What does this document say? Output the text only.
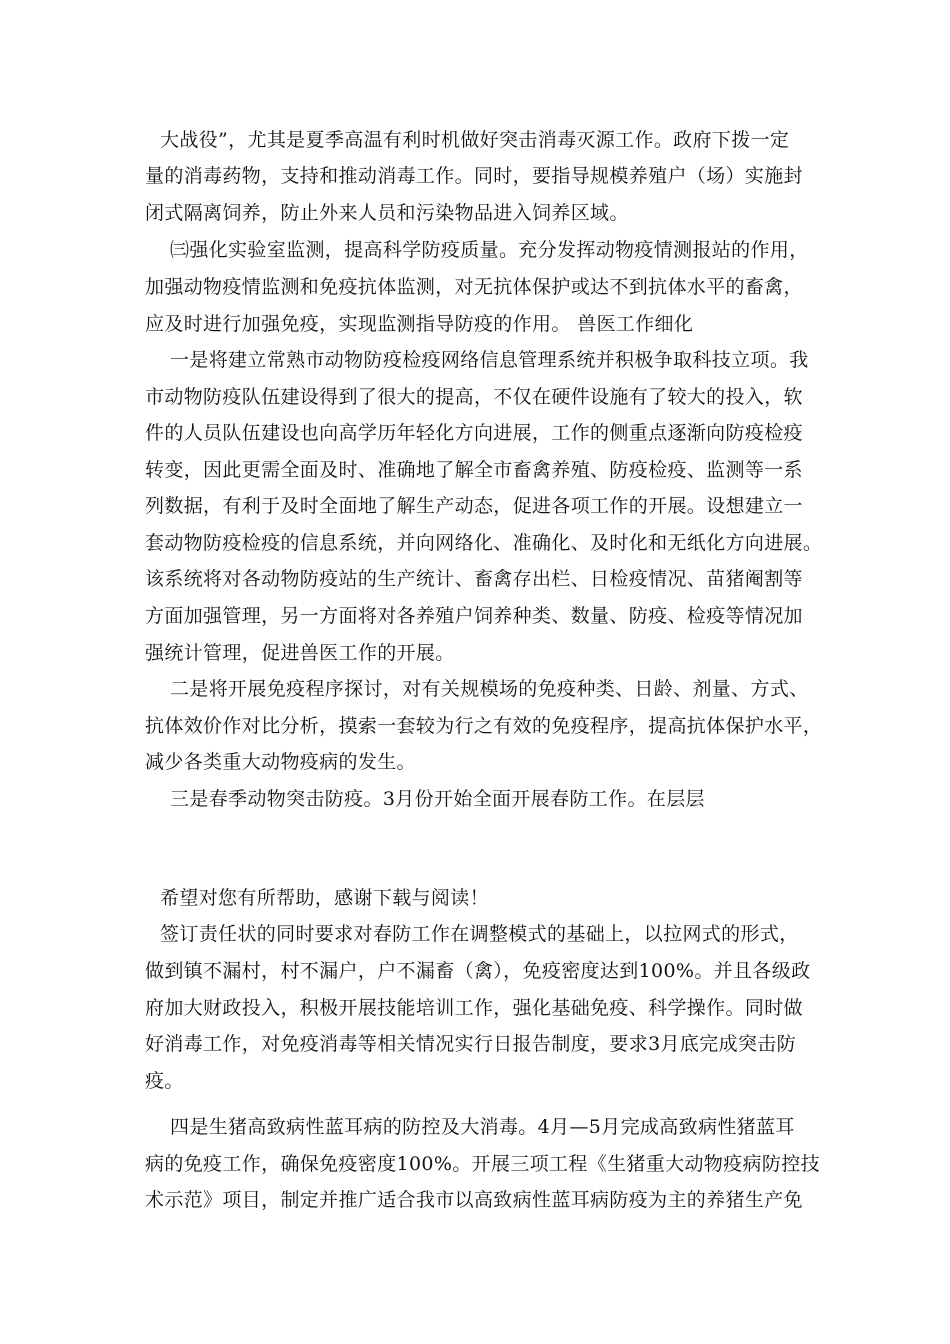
大战役”，尤其是夏季高温有利时机做好突击消毒灭源工作。政府下拨一定
量的消毒药物，支持和推动消毒工作。同时，要指导规模养殖户（场）实施封
闭式隔离饲养，防止外来人员和污染物品进入饲养区域。
㈢强化实验室监测，提高科学防疫质量。充分发挥动物疫情测报站的作用，
加强动物疫情监测和免疫抗体监测，对无抗体保护或达不到抗体水平的畜禽，
应及时进行加强免疫，实现监测指导防疫的作用。 兽医工作细化
一是将建立常熟市动物防疫检疫网络信息管理系统并积极争取科技立项。我
市动物防疫队伍建设得到了很大的提高，不仅在硬件设施有了较大的投入，软
件的人员队伍建设也向高学历年轻化方向进展，工作的侧重点逐渐向防疫检疫
转变，因此更需全面及时、准确地了解全市畜禽养殖、防疫检疫、监测等一系
列数据，有利于及时全面地了解生产动态，促进各项工作的开展。设想建立一
套动物防疫检疫的信息系统，并向网络化、准确化、及时化和无纸化方向进展。
该系统将对各动物防疫站的生产统计、畜禽存出栏、日检疫情况、苗猪阉割等
方面加强管理，另一方面将对各养殖户饲养种类、数量、防疫、检疫等情况加
强统计管理，促进兽医工作的开展。
二是将开展免疫程序探讨，对有关规模场的免疫种类、日龄、剂量、方式、
抗体效价作对比分析，摸索一套较为行之有效的免疫程序，提高抗体保护水平，
减少各类重大动物疫病的发生。
三是春季动物突击防疫。3月份开始全面开展春防工作。在层层
希望对您有所帮助，感谢下载与阅读！
签订责任状的同时要求对春防工作在调整模式的基础上，以拉网式的形式，
做到镇不漏村，村不漏户，户不漏畜（禽），免疫密度达到100%。并且各级政
府加大财政投入，积极开展技能培训工作，强化基础免疫、科学操作。同时做
好消毒工作，对免疫消毒等相关情况实行日报告制度，要求3月底完成突击防
疫。
四是生猪高致病性蓝耳病的防控及大消毒。4月—5月完成高致病性猪蓝耳
病的免疫工作，确保免疫密度100%。开展三项工程《生猪重大动物疫病防控技
术示范》项目，制定并推广适合我市以高致病性蓝耳病防疫为主的养猪生产免
